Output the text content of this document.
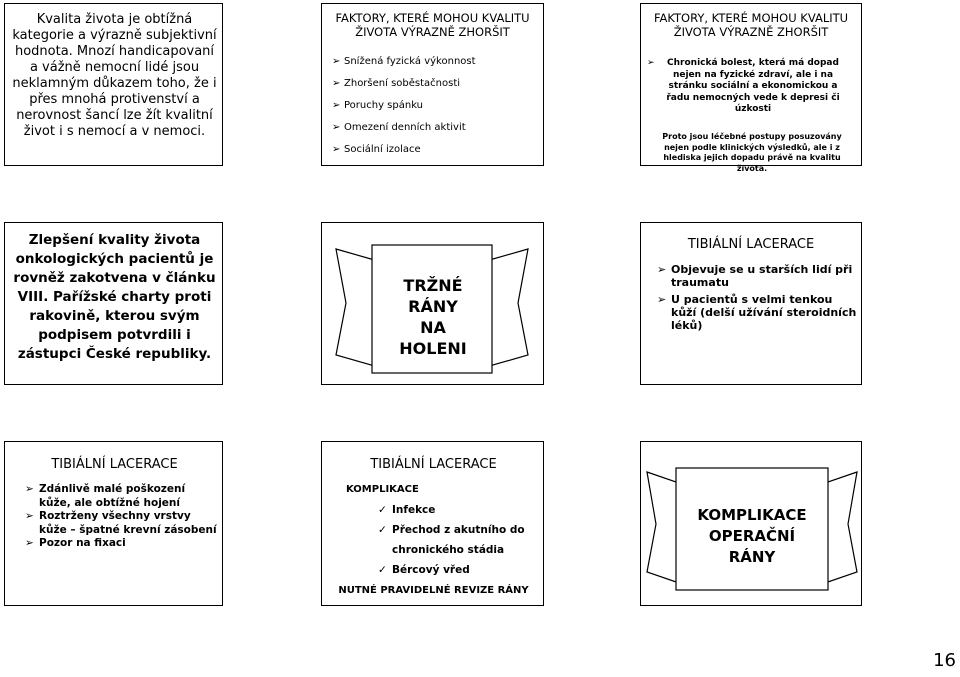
Kvalita života je obtížná kategorie a výrazně subjektivní hodnota. Mnozí handicapovaní a vážně nemocní lidé jsou neklamným důkazem toho, že i přes mnohá protivenství a nerovnost šancí lze žít kvalitní život i s nemocí a v nemoci.
FAKTORY, KTERÉ MOHOU KVALITU ŽIVOTA VÝRAZNĚ ZHORŠIT
➢ Snížená fyzická výkonnost
➢ Zhoršení soběstačnosti
➢ Poruchy spánku
➢ Omezení denních aktivit
➢ Sociální izolace
FAKTORY, KTERÉ MOHOU KVALITU ŽIVOTA VÝRAZNĚ ZHORŠIT
➢ Chronická bolest, která má dopad nejen na fyzické zdraví, ale i na stránku sociální a ekonomickou a řadu nemocných vede k depresi či úzkosti
Proto jsou léčebné postupy posuzovány nejen podle klinických výsledků, ale i z hlediska jejich dopadu právě na kvalitu života.
Zlepšení kvality života onkologických pacientů je rovněž zakotvena v článku VIII. Pařížské charty proti rakovině, kterou svým podpisem potvrdili i zástupci České republiky.
TRŽNÉ
RÁNY
NA
HOLENI
TIBIÁLNÍ LACERACE
➢ Objevuje se u starších lidí při traumatu
➢ U pacientů s velmi tenkou kůží (delší užívání steroidních léků)
TIBIÁLNÍ LACERACE
➢ Zdánlivě malé poškození kůže, ale obtížné hojení
➢ Roztrženy všechny vrstvy kůže – špatné krevní zásobení
➢ Pozor na fixaci
TIBIÁLNÍ LACERACE
KOMPLIKACE
✓ Infekce
✓ Přechod z akutního do
chronického stádia
✓ Bércový vřed
NUTNÉ PRAVIDELNÉ REVIZE RÁNY
KOMPLIKACE
OPERAČNÍ
RÁNY
16
